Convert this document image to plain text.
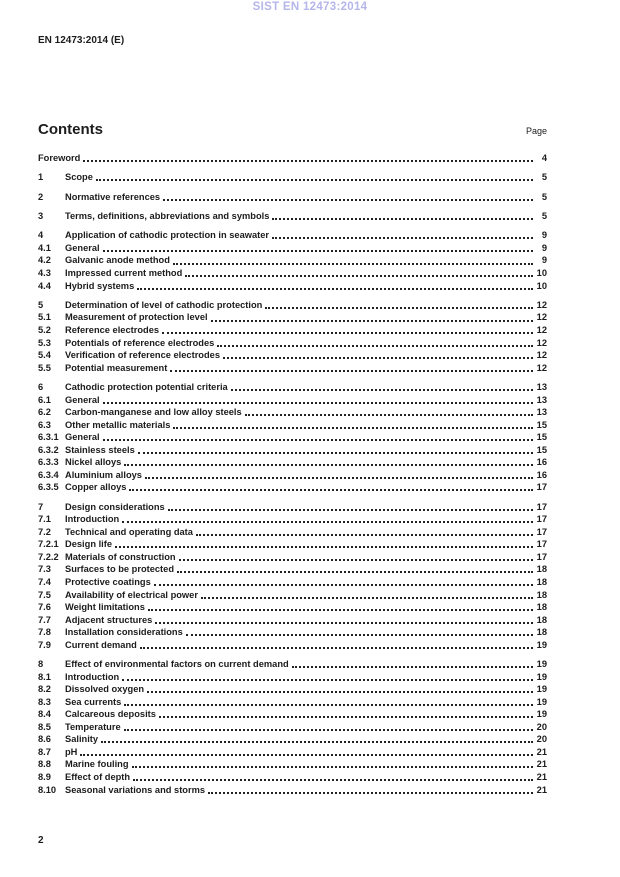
SIST EN 12473:2014
EN 12473:2014 (E)
Contents	Page
Foreword	4
1	Scope	5
2	Normative references	5
3	Terms, definitions, abbreviations and symbols	5
4	Application of cathodic protection in seawater	9
4.1	General	9
4.2	Galvanic anode method	9
4.3	Impressed current method	10
4.4	Hybrid systems	10
5	Determination of level of cathodic protection	12
5.1	Measurement of protection level	12
5.2	Reference electrodes	12
5.3	Potentials of reference electrodes	12
5.4	Verification of reference electrodes	12
5.5	Potential measurement	12
6	Cathodic protection potential criteria	13
6.1	General	13
6.2	Carbon-manganese and low alloy steels	13
6.3	Other metallic materials	15
6.3.1 General	15
6.3.2 Stainless steels	15
6.3.3 Nickel alloys	16
6.3.4 Aluminium alloys	16
6.3.5 Copper alloys	17
7	Design considerations	17
7.1	Introduction	17
7.2	Technical and operating data	17
7.2.1 Design life	17
7.2.2 Materials of construction	17
7.3	Surfaces to be protected	18
7.4	Protective coatings	18
7.5	Availability of electrical power	18
7.6	Weight limitations	18
7.7	Adjacent structures	18
7.8	Installation considerations	18
7.9	Current demand	19
8	Effect of environmental factors on current demand	19
8.1	Introduction	19
8.2	Dissolved oxygen	19
8.3	Sea currents	19
8.4	Calcareous deposits	19
8.5	Temperature	20
8.6	Salinity	20
8.7	pH	21
8.8	Marine fouling	21
8.9	Effect of depth	21
8.10 Seasonal variations and storms	21
2
